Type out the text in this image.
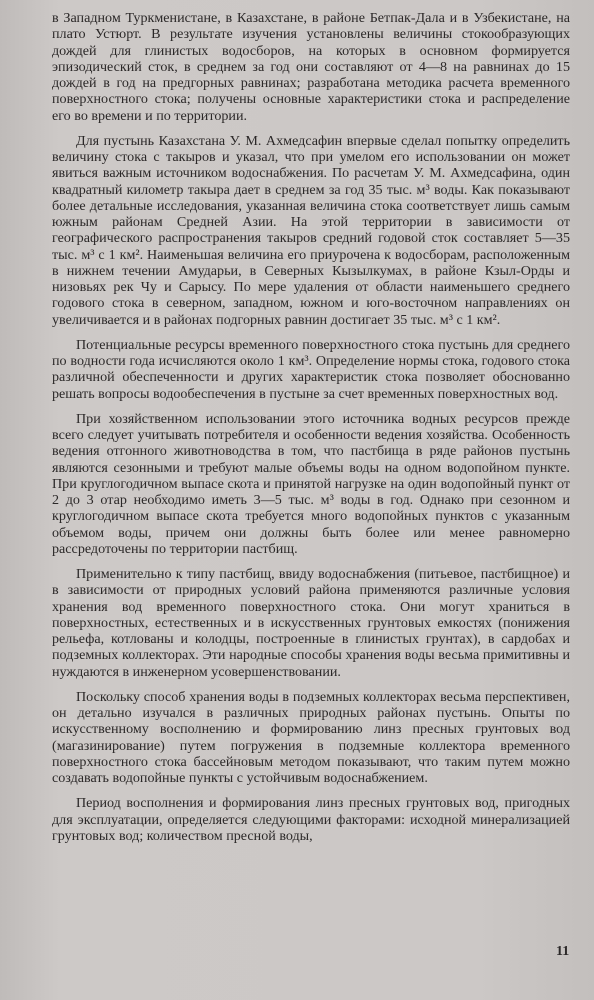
в Западном Туркменистане, в Казахстане, в районе Бетпак-Дала и в Узбекистане, на плато Устюрт. В результате изучения установлены величины стокообразующих дождей для глинистых водосборов, на которых в основном формируется эпизодический сток, в среднем за год они составляют от 4—8 на равнинах до 15 дождей в год на предгорных равнинах; разработана методика расчета временного поверхностного стока; получены основные характеристики стока и распределение его во времени и по территории.

Для пустынь Казахстана У. М. Ахмедсафин впервые сделал попытку определить величину стока с такыров и указал, что при умелом его использовании он может явиться важным источником водоснабжения. По расчетам У. М. Ахмедсафина, один квадратный километр такыра дает в среднем за год 35 тыс. м³ воды. Как показывают более детальные исследования, указанная величина стока соответствует лишь самым южным районам Средней Азии. На этой территории в зависимости от географического распространения такыров средний годовой сток составляет 5—35 тыс. м³ с 1 км². Наименьшая величина его приурочена к водосборам, расположенным в нижнем течении Амударьи, в Северных Кызылкумах, в районе Кзыл-Орды и низовьях рек Чу и Сарысу. По мере удаления от области наименьшего среднего годового стока в северном, западном, южном и юго-восточном направлениях он увеличивается и в районах подгорных равнин достигает 35 тыс. м³ с 1 км².

Потенциальные ресурсы временного поверхностного стока пустынь для среднего по водности года исчисляются около 1 км³. Определение нормы стока, годового стока различной обеспеченности и других характеристик стока позволяет обоснованно решать вопросы водообеспечения в пустыне за счет временных поверхностных вод.

При хозяйственном использовании этого источника водных ресурсов прежде всего следует учитывать потребителя и особенности ведения хозяйства. Особенность ведения отгонного животноводства в том, что пастбища в ряде районов пустынь являются сезонными и требуют малые объемы воды на одном водопойном пункте. При круглогодичном выпасе скота и принятой нагрузке на один водопойный пункт от 2 до 3 отар необходимо иметь 3—5 тыс. м³ воды в год. Однако при сезонном и круглогодичном выпасе скота требуется много водопойных пунктов с указанным объемом воды, причем они должны быть более или менее равномерно рассредоточены по территории пастбищ.

Применительно к типу пастбищ, ввиду водоснабжения (питьевое, пастбищное) и в зависимости от природных условий района применяются различные условия хранения вод временного поверхностного стока. Они могут храниться в поверхностных, естественных и в искусственных грунтовых емкостях (понижения рельефа, котлованы и колодцы, построенные в глинистых грунтах), в сардобах и подземных коллекторах. Эти народные способы хранения воды весьма примитивны и нуждаются в инженерном усовершенствовании.

Поскольку способ хранения воды в подземных коллекторах весьма перспективен, он детально изучался в различных природных районах пустынь. Опыты по искусственному восполнению и формированию линз пресных грунтовых вод (магазинирование) путем погружения в подземные коллектора временного поверхностного стока бассейновым методом показывают, что таким путем можно создавать водопойные пункты с устойчивым водоснабжением.

Период восполнения и формирования линз пресных грунтовых вод, пригодных для эксплуатации, определяется следующими факторами: исходной минерализацией грунтовых вод; количеством пресной воды,

11
